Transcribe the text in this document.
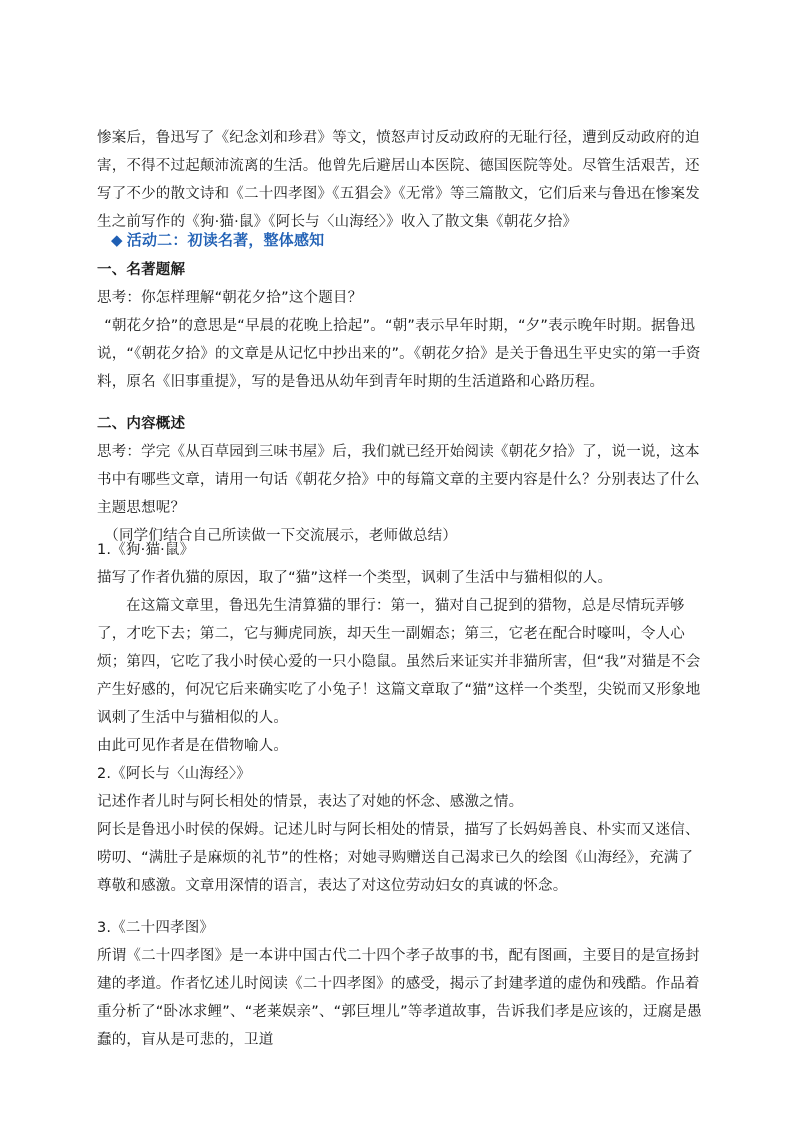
惨案后，鲁迅写了《纪念刘和珍君》等文，愤怒声讨反动政府的无耻行径，遭到反动政府的迫害，不得不过起颠沛流离的生活。他曾先后避居山本医院、德国医院等处。尽管生活艰苦，还写了不少的散文诗和《二十四孝图》《五猖会》《无常》等三篇散文，它们后来与鲁迅在惨案发生之前写作的《狗·猫·鼠》《阿长与〈山海经〉》收入了散文集《朝花夕拾》

◆ 活动二：初读名著，整体感知

一、名著题解

思考：你怎样理解“朝花夕拾”这个题目？

“朝花夕拾”的意思是“早晨的花晚上拾起”。“朝”表示早年时期，“夕”表示晚年时期。据鲁迅说，“《朝花夕拾》的文章是从记忆中抄出来的”。《朝花夕拾》是关于鲁迅生平史实的第一手资料，原名《旧事重提》，写的是鲁迅从幼年到青年时期的生活道路和心路历程。

二、内容概述

思考：学完《从百草园到三味书屋》后，我们就已经开始阅读《朝花夕拾》了，说一说，这本书中有哪些文章，请用一句话《朝花夕拾》中的每篇文章的主要内容是什么？分别表达了什么主题思想呢？

（同学们结合自己所读做一下交流展示，老师做总结）

1.《狗·猫·鼠》

描写了作者仇猫的原因，取了“猫”这样一个类型，讽刺了生活中与猫相似的人。

在这篇文章里，鲁迅先生清算猫的罪行：第一，猫对自己捉到的猎物，总是尽情玩弄够了，才吃下去；第二，它与狮虎同族，却天生一副媚态；第三，它老在配合时嚎叫，令人心烦；第四，它吃了我小时侯心爱的一只小隐鼠。虽然后来证实并非猫所害，但“我”对猫是不会产生好感的，何况它后来确实吃了小兔子！这篇文章取了“猫”这样一个类型，尖锐而又形象地讽刺了生活中与猫相似的人。

由此可见作者是在借物喻人。

2.《阿长与〈山海经〉》

记述作者儿时与阿长相处的情景，表达了对她的怀念、感激之情。

阿长是鲁迅小时侯的保姆。记述儿时与阿长相处的情景，描写了长妈妈善良、朴实而又迷信、唠叨、“满肚子是麻烦的礼节”的性格；对她寻购赠送自己渴求已久的绘图《山海经》，充满了尊敬和感激。文章用深情的语言，表达了对这位劳动妇女的真诚的怀念。

3.《二十四孝图》

所谓《二十四孝图》是一本讲中国古代二十四个孝子故事的书，配有图画，主要目的是宣扬封建的孝道。作者忆述儿时阅读《二十四孝图》的感受，揭示了封建孝道的虚伪和残酷。作品着重分析了“卧冰求鲤”、“老莱娱亲”、“郭巨埋儿”等孝道故事，告诉我们孝是应该的，迂腐是愚蠢的，盲从是可悲的，卫道
